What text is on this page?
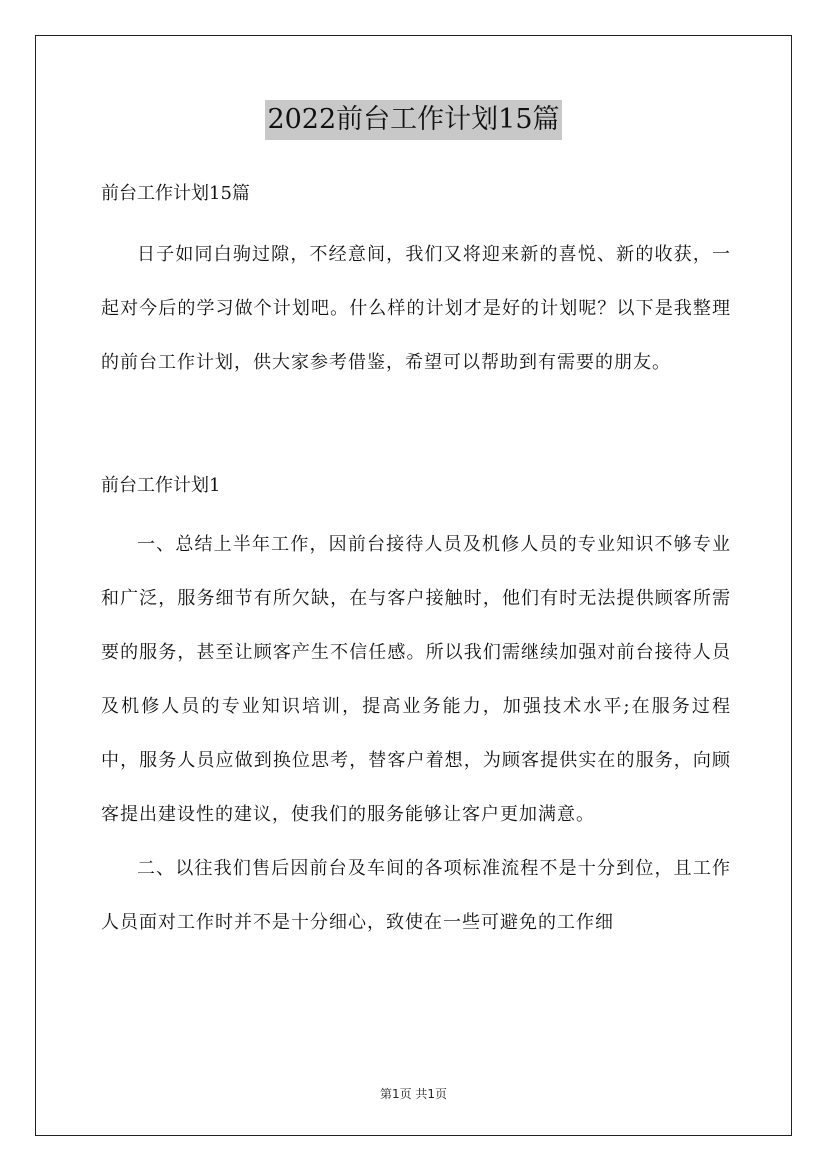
2022前台工作计划15篇

前台工作计划15篇

日子如同白驹过隙，不经意间，我们又将迎来新的喜悦、新的收获，一起对今后的学习做个计划吧。什么样的计划才是好的计划呢？以下是我整理的前台工作计划，供大家参考借鉴，希望可以帮助到有需要的朋友。

前台工作计划1

一、总结上半年工作，因前台接待人员及机修人员的专业知识不够专业和广泛，服务细节有所欠缺，在与客户接触时，他们有时无法提供顾客所需要的服务，甚至让顾客产生不信任感。所以我们需继续加强对前台接待人员及机修人员的专业知识培训，提高业务能力，加强技术水平;在服务过程中，服务人员应做到换位思考，替客户着想，为顾客提供实在的服务，向顾客提出建设性的建议，使我们的服务能够让客户更加满意。

二、以往我们售后因前台及车间的各项标准流程不是十分到位，且工作人员面对工作时并不是十分细心，致使在一些可避免的工作细

第1页 共1页
